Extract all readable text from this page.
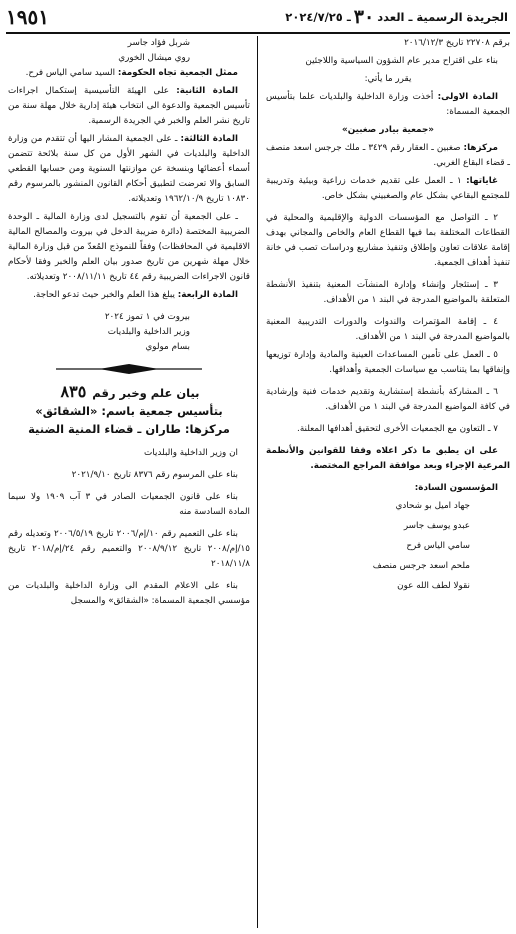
الجريدة الرسمية ـ العدد
٣٠
ـ ٢٠٢٤/٧/٢٥
١٩٥١

برقم ٢٢٧٠٨ تاريخ ٢٠١٦/١٢/٣

بناء على اقتراح مدير عام الشؤون السياسية واللاجئين

يقرر ما يأتي:

المادة الاولى: أخذت وزارة الداخلية والبلديات علما بتأسيس الجمعية المسماة:

«جمعية بيادر صغبين»

مركزها: صغبين ـ العقار رقم ٣٤٢٩ ـ ملك جرجس اسعد منصف ـ قضاء البقاع الغربي.

غاياتها: ١ ـ العمل على تقديم خدمات زراعية وبيئية وتدريبية للمجتمع البقاعي بشكل عام والصغبيني بشكل خاص.

٢ ـ التواصل مع المؤسسات الدولية والإقليمية والمحلية في القطاعات المختلفة بما فيها القطاع العام والخاص والمجاني بهدف إقامة علاقات تعاون وإطلاق وتنفيذ مشاريع ودراسات تصب في خانة تنفيذ أهداف الجمعية.

٣ ـ إستئجار وإنشاء وإدارة المنشآت المعنية بتنفيذ الأنشطة المتعلقة بالمواضيع المدرجة في البند ١ من الأهداف.

٤ ـ إقامة المؤتمرات والندوات والدورات التدريبية المعنية بالمواضيع المدرجة في البند ١ من الأهداف.

٥ ـ العمل على تأمين المساعدات العينية والمادية وإدارة توزيعها وإنفاقها بما يتناسب مع سياسات الجمعية وأهدافها.

٦ ـ المشاركة بأنشطة إستشارية وتقديم خدمات فنية وإرشادية في كافة المواضيع المدرجة في البند ١ من الأهداف.

٧ ـ التعاون مع الجمعيات الأخرى لتحقيق أهدافها المعلنة.

على ان يطبق ما ذكر اعلاه وفقا للقوانين والأنظمة المرعية الإجراء وبعد موافقة المراجع المختصة.

المؤسسون السادة:

جهاد اميل بو شحادي

عبدو يوسف جاسر

سامي الياس فرح

ملحم اسعد جرجس منصف

نقولا لطف الله عون

شربل فؤاد جاسر

روي ميشال الخوري

ممثل الجمعية تجاه الحكومة: السيد سامي الياس فرح.

المادة الثانية: على الهيئة التأسيسية إستكمال اجراءات تأسيس الجمعية والدعوة الى انتخاب هيئة إدارية خلال مهلة سنة من تاريخ نشر العلم والخبر في الجريدة الرسمية.

المادة الثالثة: ـ على الجمعية المشار اليها أن تتقدم من وزارة الداخلية والبلديات في الشهر الأول من كل سنة بلائحة تتضمن أسماء أعضائها وبنسخة عن موازنتها السنوية ومن حسابها القطعي السابق والا تعرضت لتطبيق أحكام القانون المنشور بالمرسوم رقم ١٠٨٣٠ تاريخ ١٩٦٢/١٠/٩ وتعديلاته.

ـ على الجمعية أن تقوم بالتسجيل لدى وزارة المالية ـ الوحدة الضريبية المختصة (دائرة ضريبة الدخل في بيروت والمصالح المالية الاقليمية في المحافظات) وفقاً للنموذج المُعدّ من قبل وزارة المالية خلال مهلة شهرين من تاريخ صدور بيان العلم والخبر وفقا لأحكام قانون الاجراءات الضريبية رقم ٤٤ تاريخ ٢٠٠٨/١١/١١ وتعديلاته.

المادة الرابعة: يبلغ هذا العلم والخبر حيث تدعو الحاجة.

بيروت في ١ تموز ٢٠٢٤

وزير الداخلية والبلديات

بسام مولوي

بيان علم وخبر رقم ٨٣٥

بتأسيس جمعية باسم: «الشقائق»

مركزها: طاران ـ قضاء المنية الضنية

ان وزير الداخلية والبلديات

بناء على المرسوم رقم ٨٣٧٦ تاريخ ٢٠٢١/٩/١٠

بناء على قانون الجمعيات الصادر في ٣ آب ١٩٠٩ ولا سيما المادة السادسة منه

بناء على التعميم رقم ١٠/إم/٢٠٠٦ تاريخ ٢٠٠٦/٥/١٩ وتعديله رقم ١٥/إم/٢٠٠٨ تاريخ ٢٠٠٨/٩/١٢ والتعميم رقم ٢٤/إم/٢٠١٨ تاريخ ٢٠١٨/١١/٨

بناء على الاعلام المقدم الى وزارة الداخلية والبلديات من مؤسسي الجمعية المسماة: «الشقائق» والمسجل
